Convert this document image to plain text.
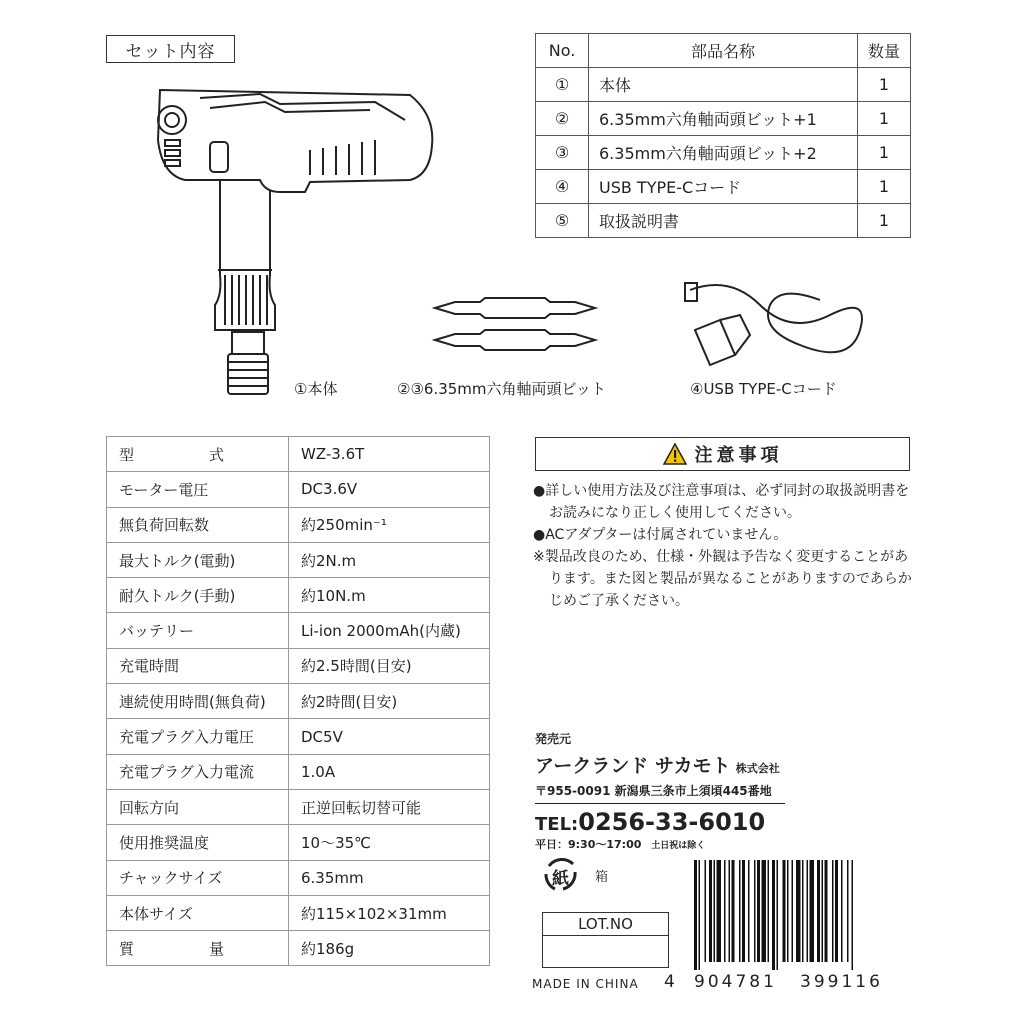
セット内容
①本体	②③6.35mm六角軸両頭ビット	④USB TYPE-Cコード
No.	部品名称	数量
①	本体	1
②	6.35mm六角軸両頭ビット+1	1
③	6.35mm六角軸両頭ビット+2	1
④	USB TYPE-Cコード	1
⑤	取扱説明書	1
型　　　　　式	WZ-3.6T
モーター電圧	DC3.6V
無負荷回転数	約250min⁻¹
最大トルク(電動)	約2N.m
耐久トルク(手動)	約10N.m
バッテリー	Li-ion 2000mAh(内蔵)
充電時間	約2.5時間(目安)
連続使用時間(無負荷)	約2時間(目安)
充電プラグ入力電圧	DC5V
充電プラグ入力電流	1.0A
回転方向	正逆回転切替可能
使用推奨温度	10〜35℃
チャックサイズ	6.35mm
本体サイズ	約115×102×31mm
質　　　　　量	約186g
注意事項

●詳しい使用方法及び注意事項は、必ず同封の取扱説明書をお読みになり正しく使用してください。

●ACアダプターは付属されていません。

※製品改良のため、仕様・外観は予告なく変更することがあります。また図と製品が異なることがありますのであらかじめご了承ください。

発売元
アークランド サカモト 株式会社
〒955-0091 新潟県三条市上須頃445番地
TEL:0256-33-6010
平日：9:30〜17:00 土日祝は除く
紙 箱
LOT.NO
MADE IN CHINA 4 904781 399116
